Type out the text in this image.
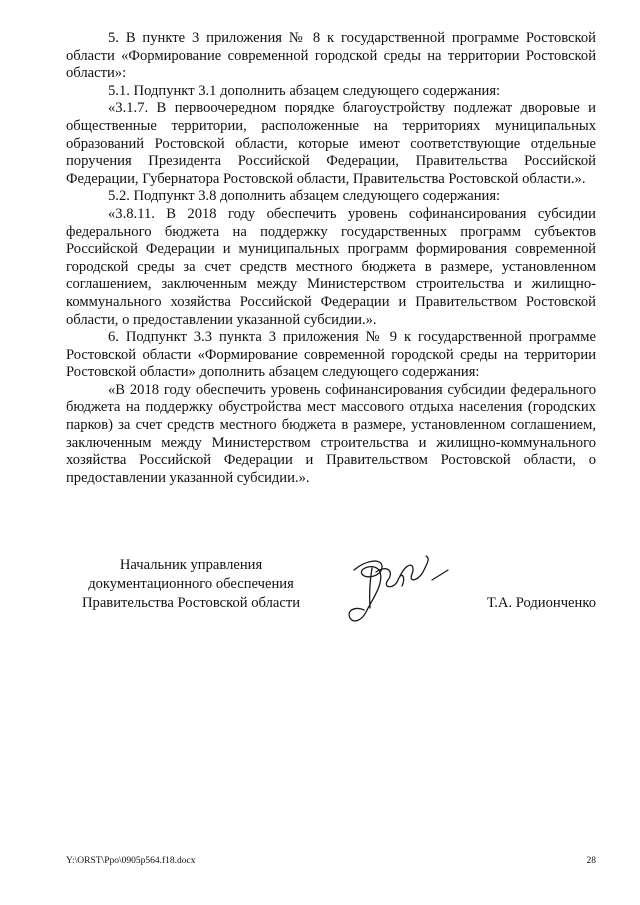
5. В пункте 3 приложения № 8 к государственной программе Ростовской области «Формирование современной городской среды на территории Ростовской области»:

5.1. Подпункт 3.1 дополнить абзацем следующего содержания:

«3.1.7. В первоочередном порядке благоустройству подлежат дворовые и общественные территории, расположенные на территориях муниципальных образований Ростовской области, которые имеют соответствующие отдельные поручения Президента Российской Федерации, Правительства Российской Федерации, Губернатора Ростовской области, Правительства Ростовской области.».

5.2. Подпункт 3.8 дополнить абзацем следующего содержания:

«3.8.11. В 2018 году обеспечить уровень софинансирования субсидии федерального бюджета на поддержку государственных программ субъектов Российской Федерации и муниципальных программ формирования современной городской среды за счет средств местного бюджета в размере, установленном соглашением, заключенным между Министерством строительства и жилищно-коммунального хозяйства Российской Федерации и Правительством Ростовской области, о предоставлении указанной субсидии.».

6. Подпункт 3.3 пункта 3 приложения № 9 к государственной программе Ростовской области «Формирование современной городской среды на территории Ростовской области» дополнить абзацем следующего содержания:

«В 2018 году обеспечить уровень софинансирования субсидии федерального бюджета на поддержку обустройства мест массового отдыха населения (городских парков) за счет средств местного бюджета в размере, установленном соглашением, заключенным между Министерством строительства и жилищно-коммунального хозяйства Российской Федерации и Правительством Ростовской области, о предоставлении указанной субсидии.».

Начальник управления
документационного обеспечения
Правительства Ростовской области	Т.А. Родионченко
Y:\ORST\Ppo\0905p564.f18.docx	28
